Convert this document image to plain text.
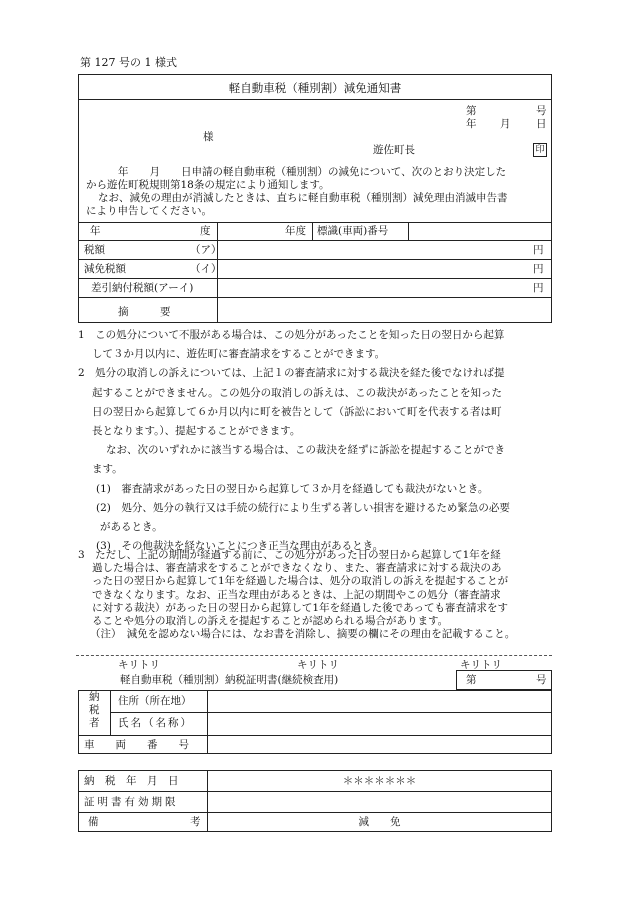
第 127 号の 1 様式
軽自動車税（種別割）減免通知書
第	号
年 月 日
様
遊佐町長	印
年　　月　　日申請の軽自動車税（種別割）の減免について、次のとおり決定した
から遊佐町税規則第18条の規定により通知します。
なお、減免の理由が消滅したときは、直ちに軽自動車税（種別割）減免理由消滅申告書
により申告してください。
年	度	年度 標識(車両)番号
税額	（ア）	円
減免税額	（イ）	円
差引納付税額(アーイ)	円
摘	要

1　この処分について不服がある場合は、この処分があったことを知った日の翌日から起算

して３か月以内に、遊佐町に審査請求をすることができます。

2　処分の取消しの訴えについては、上記１の審査請求に対する裁決を経た後でなければ提

起することができません。この処分の取消しの訴えは、この裁決があったことを知った

日の翌日から起算して６か月以内に町を被告として（訴訟において町を代表する者は町

長となります。）、提起することができます。

なお、次のいずれかに該当する場合は、この裁決を経ずに訴訟を提起することができ

ます。

(1)　審査請求があった日の翌日から起算して３か月を経過しても裁決がないとき。

(2)　処分、処分の執行又は手続の続行により生ずる著しい損害を避けるため緊急の必要

があるとき。

(3)　その他裁決を経ないことにつき正当な理由があるとき。

3　ただし、上記の期間が経過する前に、この処分があった日の翌日から起算して1年を経

過した場合は、審査請求をすることができなくなり、また、審査請求に対する裁決のあ

った日の翌日から起算して1年を経過した場合は、処分の取消しの訴えを提起することが

できなくなります。なお、正当な理由があるときは、上記の期間やこの処分（審査請求

に対する裁決）があった日の翌日から起算して1年を経過した後であっても審査請求をす

ることや処分の取消しの訴えを提起することが認められる場合があります。

（注）　減免を認めない場合には、なお書を消除し、摘要の欄にその理由を記載すること。

キリトリ	キリトリ	キリトリ
軽自動車税（種別割）納税証明書(継続検査用)	第	号
納
税
者
住所（所在地）
氏名（名称）
車　　両　　番　　号
納　税　年　月　日	＊＊＊＊＊＊＊
証明書有効期限
備	考	減　　免
